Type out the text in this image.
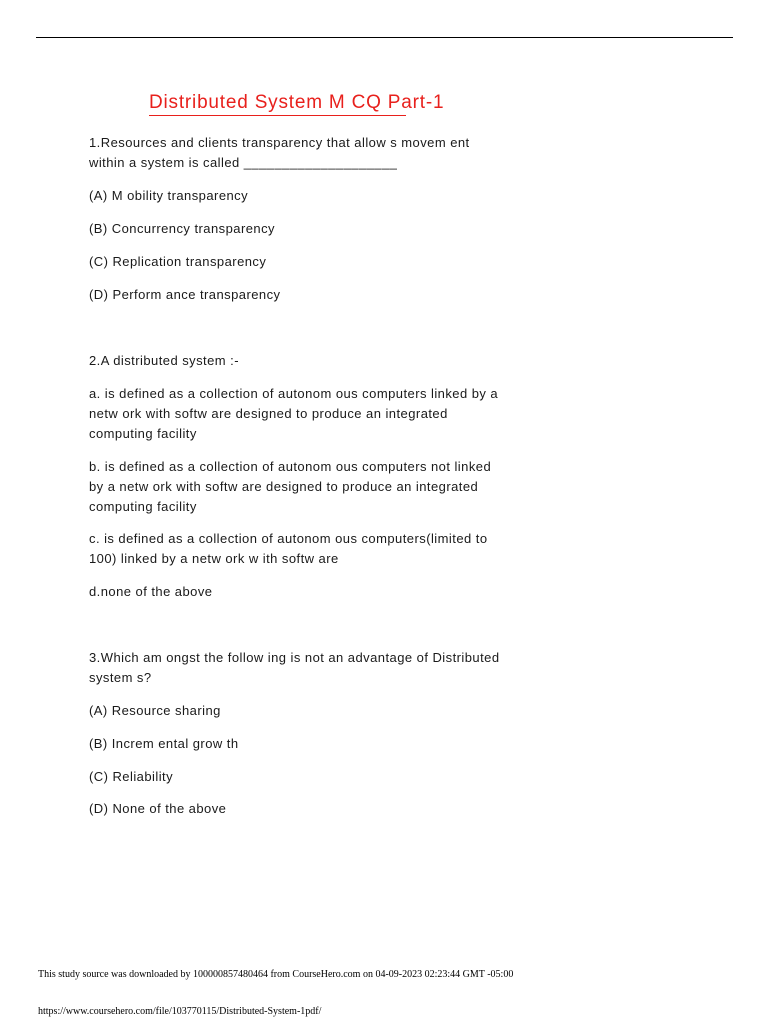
Distributed System M CQ Part-1
1.Resources and clients transparency that allow s movem ent
within a system is called ____________________
(A) M obility transparency
(B) Concurrency transparency
(C) Replication transparency
(D) Perform ance transparency
2.A distributed system :-
a. is defined as a collection of autonom ous computers linked by a
netw ork with softw are designed to produce an integrated
computing facility
b. is defined as a collection of autonom ous computers not linked
by a netw ork with softw are designed to produce an integrated
computing facility
c. is defined as a collection of autonom ous computers(limited to
100) linked by a netw ork w ith softw are
d.none of the above
3.Which am ongst the follow ing is not an advantage of Distributed
system s?
(A) Resource sharing
(B) Increm ental grow th
(C) Reliability
(D) None of the above
This study source was downloaded by 100000857480464 from CourseHero.com on 04-09-2023 02:23:44 GMT -05:00
https://www.coursehero.com/file/103770115/Distributed-System-1pdf/
